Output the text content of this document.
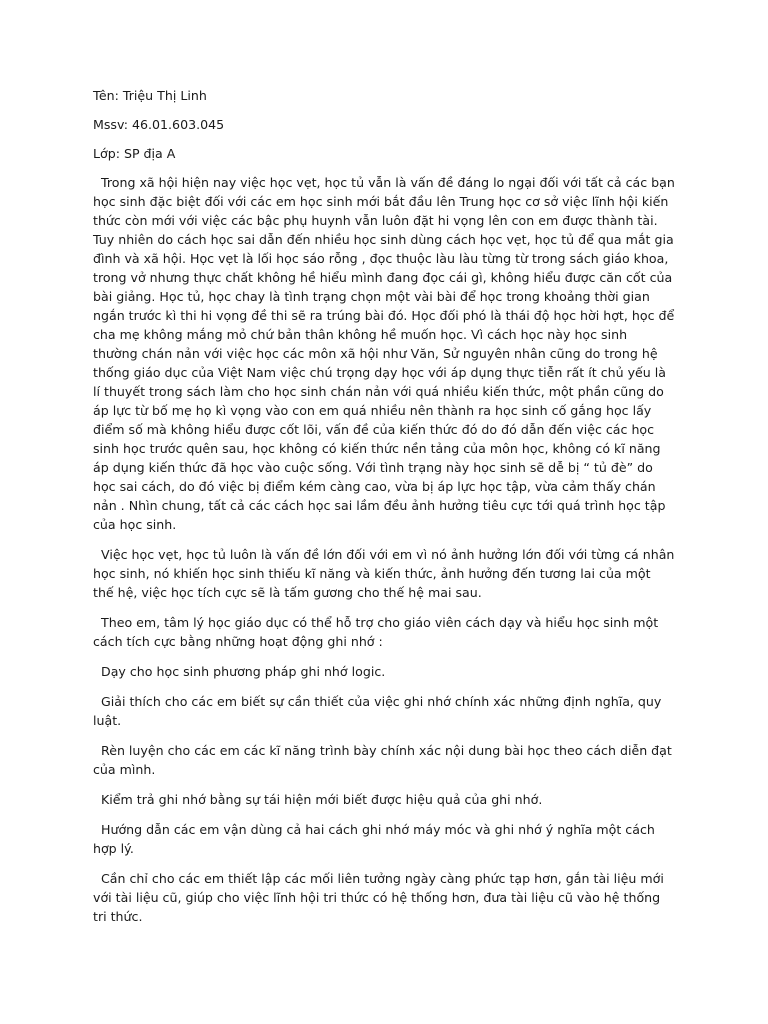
Tên: Triệu Thị Linh

Mssv: 46.01.603.045

Lớp: SP địa A

Trong xã hội hiện nay việc học vẹt, học tủ vẫn là vấn đề đáng lo ngại đối với tất cả các bạn học sinh đặc biệt đối với các em học sinh mới bắt đầu lên Trung học cơ sở việc lĩnh hội kiến thức còn mới với việc các bậc phụ huynh vẫn luôn đặt hi vọng lên con em được thành tài. Tuy nhiên do cách học sai dẫn đến nhiều học sinh dùng cách học vẹt, học tủ để qua mắt gia đình và xã hội. Học vẹt là lối học sáo rỗng , đọc thuộc làu làu từng từ trong sách giáo khoa, trong vở nhưng thực chất không hề hiểu mình đang đọc cái gì, không hiểu được căn cốt của bài giảng. Học tủ, học chay là tình trạng chọn một vài bài để học trong khoảng thời gian ngắn trước kì thi hi vọng đề thi sẽ ra trúng bài đó. Học đối phó là thái độ học hời hợt, học để cha mẹ không mắng mỏ chứ bản thân không hề muốn học. Vì cách học này học sinh thường chán nản với việc học các môn xã hội như Văn, Sử nguyên nhân cũng do trong hệ thống giáo dục của Việt Nam việc chú trọng dạy học với áp dụng thực tiễn rất ít chủ yếu là lí thuyết trong sách làm cho học sinh chán nản với quá nhiều kiến thức, một phần cũng do áp lực từ bố mẹ họ kì vọng vào con em quá nhiều nên thành ra học sinh cố gắng học lấy điểm số mà không hiểu được cốt lõi, vấn đề của kiến thức đó do đó dẫn đến việc các học sinh học trước quên sau, học không có kiến thức nền tảng của môn học, không có kĩ năng áp dụng kiến thức đã học vào cuộc sống. Với tình trạng này học sinh sẽ dễ bị “ tủ đè” do học sai cách, do đó việc bị điểm kém càng cao, vừa bị áp lực học tập, vừa cảm thấy chán nản . Nhìn chung, tất cả các cách học sai lầm đều ảnh hưởng tiêu cực tới quá trình học tập của học sinh.

Việc học vẹt, học tủ luôn là vấn đề lớn đối với em vì nó ảnh hưởng lớn đối với từng cá nhân học sinh, nó khiến học sinh thiếu kĩ năng và kiến thức, ảnh hưởng đến tương lai của một thế hệ, việc học tích cực sẽ là tấm gương cho thế hệ mai sau.

Theo em, tâm lý học giáo dục có thể hỗ trợ cho giáo viên cách dạy và hiểu học sinh một cách tích cực bằng những hoạt động ghi nhớ :

Dạy cho học sinh phương pháp ghi nhớ logic.

Giải thích cho các em biết sự cần thiết của việc ghi nhớ chính xác những định nghĩa, quy luật.

Rèn luyện cho các em các kĩ năng trình bày chính xác nội dung bài học theo cách diễn đạt của mình.

Kiểm trả ghi nhớ bằng sự tái hiện mới biết được hiệu quả của ghi nhớ.

Hướng dẫn các em vận dùng cả hai cách ghi nhớ máy móc và ghi nhớ ý nghĩa một cách hợp lý.

Cần chỉ cho các em thiết lập các mối liên tưởng ngày càng phức tạp hơn, gắn tài liệu mới với tài liệu cũ, giúp cho việc lĩnh hội tri thức có hệ thống hơn, đưa tài liệu cũ vào hệ thống tri thức.
